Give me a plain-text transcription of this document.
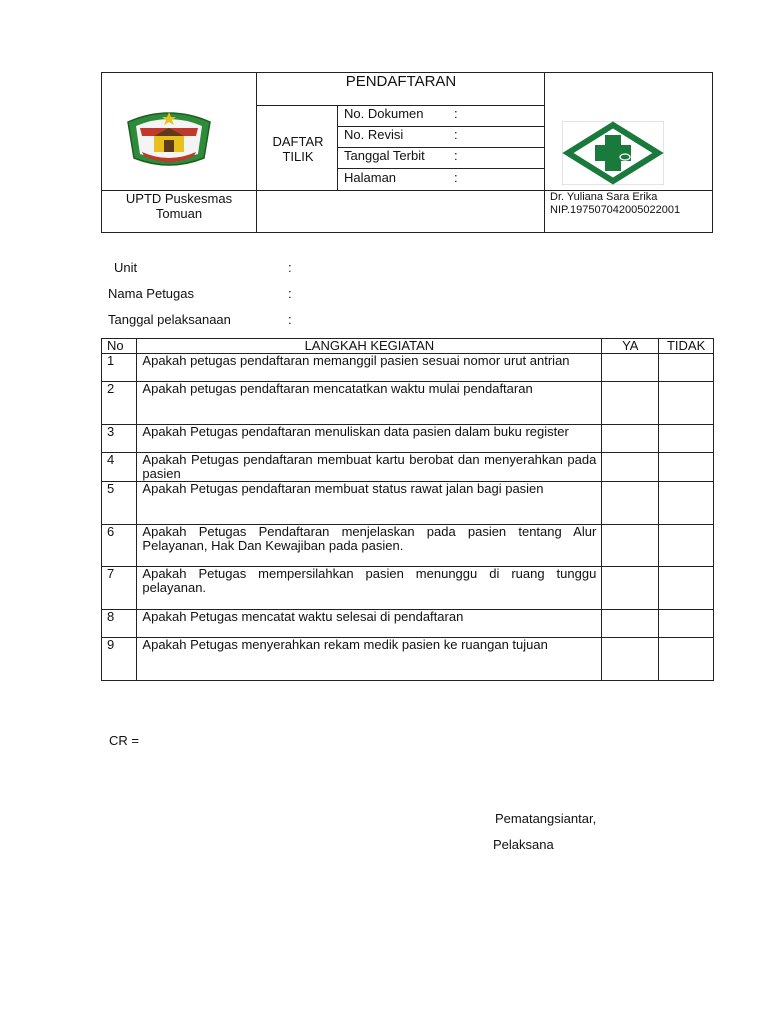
PENDAFTARAN
DAFTAR
TILIK
No. Dokumen :
No. Revisi	:
Tanggal Terbit :
Halaman	:
UPTD Puskesmas
Tomuan
Dr. Yuliana Sara Erika
NIP.197507042005022001
Unit	:
Nama Petugas	:
Tanggal pelaksanaan	:
No	LANGKAH KEGIATAN	YA	TIDAK
1	Apakah petugas pendaftaran memanggil pasien sesuai nomor urut antrian		
2	Apakah petugas pendaftaran mencatatkan waktu mulai pendaftaran		
3	Apakah Petugas pendaftaran menuliskan data pasien dalam buku register		
4	Apakah Petugas pendaftaran membuat kartu berobat dan menyerahkan pada pasien		
5	Apakah Petugas pendaftaran membuat status rawat jalan bagi pasien		
6	Apakah Petugas Pendaftaran menjelaskan pada pasien tentang Alur Pelayanan, Hak Dan Kewajiban pada pasien.		
7	Apakah Petugas mempersilahkan pasien menunggu di ruang tunggu pelayanan.		
8	Apakah Petugas mencatat waktu selesai di pendaftaran		
9	Apakah Petugas menyerahkan rekam medik pasien ke ruangan tujuan		
CR =
Pematangsiantar,
Pelaksana
